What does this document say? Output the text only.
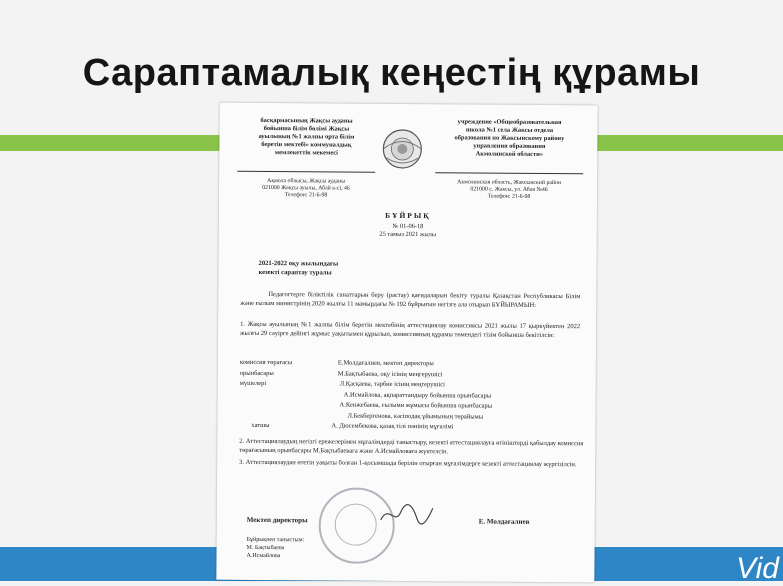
Сараптамалық кеңестің құрамы
Vid
басқармасының Жақсы ауданы
бойынша білім бөлімі Жақсы
ауылының №1 жалпы орта білім
беретін мектебі» коммуналдық
мемлекеттік мекемесі
учреждение «Общеобразовательная
школа №1 села Жаксы отдела
образования по Жаксынскому району
управления образования
Акмолинской области»
Ақмола облысы, Жақсы ауданы
021000 Жақсы ауылы, Абай к-сі, 46
Телефон: 21-6-98
Акмолинская область, Жаксынский район
021000 с. Жаксы, ул. Абая №46
Телефон: 21-6-98
БҰЙРЫҚ
№ 01-06-18
25 тамыз 2021 жылы
2021-2022 оқу жылындағы
кезекті сараптау туралы
Педагогтерге біліктілік санаттарын беру (растау) қағидаларын бекіту туралы Қазақстан Республикасы Білім және ғылым министрінің 2020 жылғы 11 мамырдағы № 192 бұйрығын негізге ала отырып БҰЙЫРАМЫН:
1. Жақсы ауылының №1 жалпы білім беретін мектебінің аттестациялау комиссиясы 2021 жылы 17 қыркүйектен 2022 жылғы 29 сәуірге дейінгі жұмыс уақытымен құрылып, комиссияның құрамы төмендегі тізім бойынша бекітілсін:
комиссия төрағасы	Е.Молдағалиев, мектеп директоры
орынбасары	М.Бақтыбаева, оқу ісінің меңгерушісі
мүшелері	Л.Қасқаева, тәрбие ісінің меңгерушісі
А.Исмайлова, ақпараттандыру бойынша орынбасары
А.Кенжебаева, ғылыми жұмысы бойынша орынбасары
Л.Бекбергенова, кәсіподақ ұйымының төрайымы
хатшы	А. Дюсембекова, қазақ тілі пәнінің мұғалімі

2. Аттестациялаудың негізгі ережелерімен мұғалімдерді таныстыру, кезекті аттестациялауға өтініштерді қабылдау комиссия төрағасының орынбасары М.Бақтыбаевага және А.Исмайловаға жүктелсін.

3. Аттестациялаудан өтетін уақыты болған 1-қосымшада берілін отырған мұғалімдерге кезекті аттестациялау жүргізілсін.

Мектеп директоры	Е. Молдағалиев
Бұйрықпен таныстым:
М. Бақтыбаева
А.Исмайлова
